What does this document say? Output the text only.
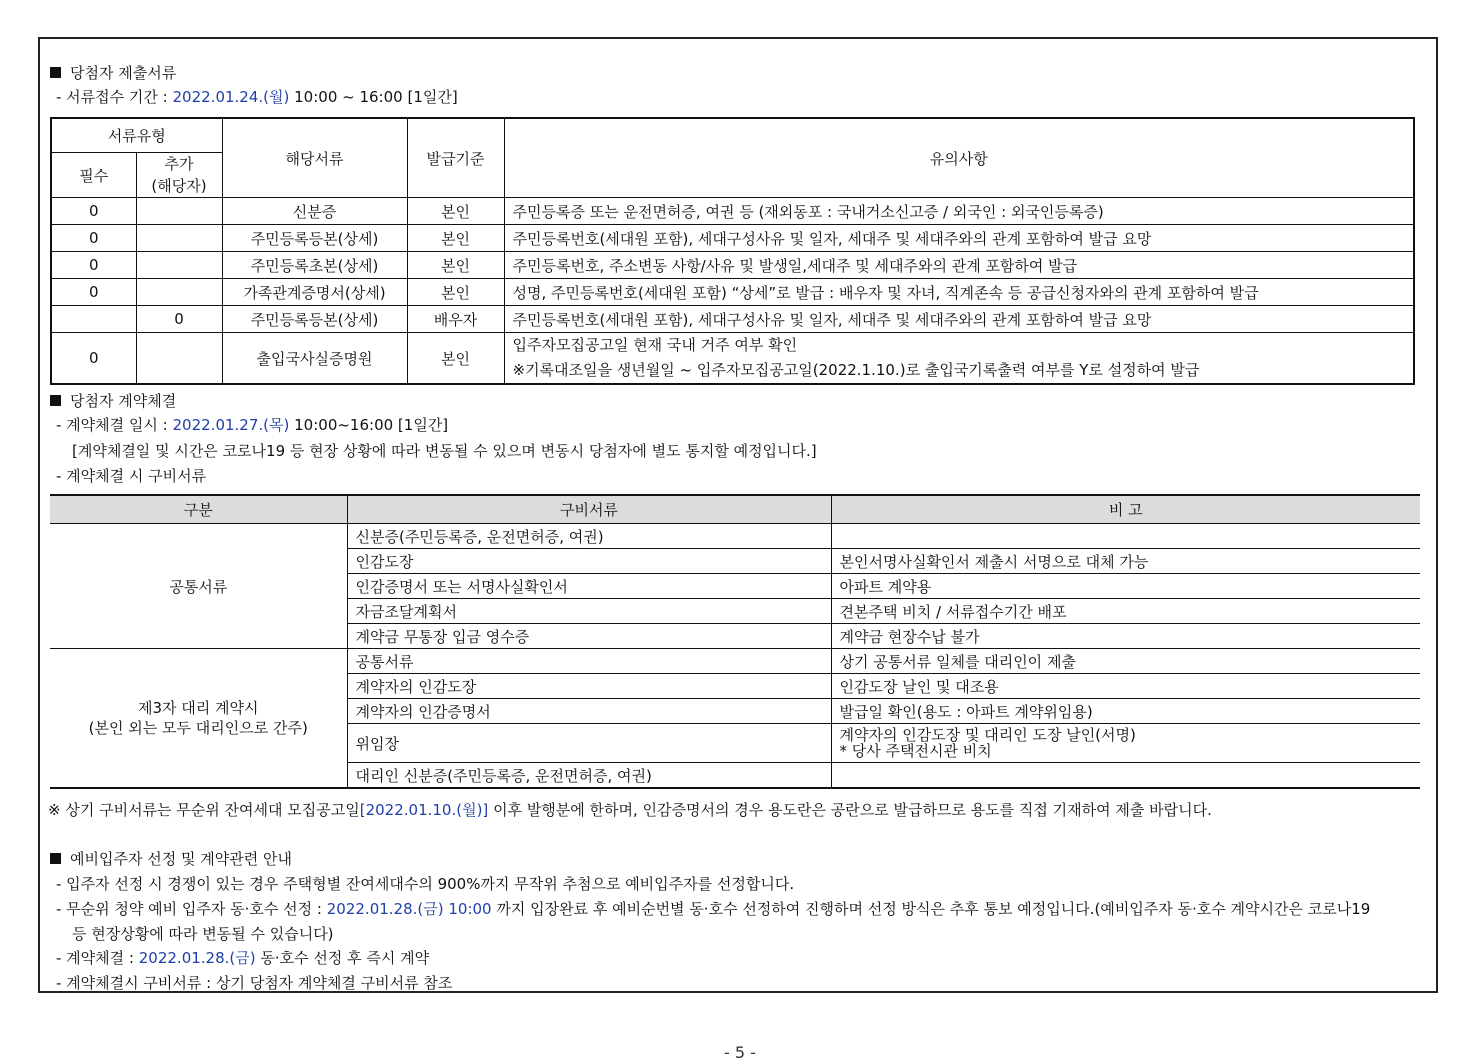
당첨자 제출서류
- 서류접수 기간 : 2022.01.24.(월) 10:00 ~ 16:00 [1일간]
서류유형		해당서류	발급기준	유의사항
필수	추가
(해당자)			
0		신분증	본인	주민등록증 또는 운전면허증, 여권 등 (재외동포 : 국내거소신고증 / 외국인 : 외국인등록증)
0		주민등록등본(상세)	본인	주민등록번호(세대원 포함), 세대구성사유 및 일자, 세대주 및 세대주와의 관계 포함하여 발급 요망
0		주민등록초본(상세)	본인	주민등록번호, 주소변동 사항/사유 및 발생일,세대주 및 세대주와의 관계 포함하여 발급
0		가족관계증명서(상세)	본인	성명, 주민등록번호(세대원 포함) “상세”로 발급 : 배우자 및 자녀, 직계존속 등 공급신청자와의 관계 포함하여 발급
	0	주민등록등본(상세)	배우자	주민등록번호(세대원 포함), 세대구성사유 및 일자, 세대주 및 세대주와의 관계 포함하여 발급 요망
0		출입국사실증명원	본인	입주자모집공고일 현재 국내 거주 여부 확인
※기록대조일을 생년월일 ~ 입주자모집공고일(2022.1.10.)로 출입국기록출력 여부를 Y로 설정하여 발급
당첨자 계약체결
- 계약체결 일시 : 2022.01.27.(목) 10:00~16:00 [1일간]
[계약체결일 및 시간은 코로나19 등 현장 상황에 따라 변동될 수 있으며 변동시 당첨자에 별도 통지할 예정입니다.]
- 계약체결 시 구비서류
구분	구비서류	비 고
공통서류	신분증(주민등록증, 운전면허증, 여권)	
	인감도장	본인서명사실확인서 제출시 서명으로 대체 가능
	인감증명서 또는 서명사실확인서	아파트 계약용
	자금조달계획서	견본주택 비치 / 서류접수기간 배포
	계약금 무통장 입금 영수증	계약금 현장수납 불가
제3자 대리 계약시
(본인 외는 모두 대리인으로 간주)	공통서류	상기 공통서류 일체를 대리인이 제출
	계약자의 인감도장	인감도장 날인 및 대조용
	계약자의 인감증명서	발급일 확인(용도 : 아파트 계약위임용)
	위임장	계약자의 인감도장 및 대리인 도장 날인(서명)
* 당사 주택전시관 비치
	대리인 신분증(주민등록증, 운전면허증, 여권)	
※ 상기 구비서류는 무순위 잔여세대 모집공고일[2022.01.10.(월)] 이후 발행분에 한하며, 인감증명서의 경우 용도란은 공란으로 발급하므로 용도를 직접 기재하여 제출 바랍니다.
예비입주자 선정 및 계약관련 안내
- 입주자 선정 시 경쟁이 있는 경우 주택형별 잔여세대수의 900%까지 무작위 추첨으로 예비입주자를 선정합니다.
- 무순위 청약 예비 입주자 동·호수 선정 : 2022.01.28.(금) 10:00 까지 입장완료 후 예비순번별 동·호수 선정하여 진행하며 선정 방식은 추후 통보 예정입니다.(예비입주자 동·호수 계약시간은 코로나19
등 현장상황에 따라 변동될 수 있습니다)
- 계약체결 : 2022.01.28.(금) 동·호수 선정 후 즉시 계약
- 계약체결시 구비서류 : 상기 당첨자 계약체결 구비서류 참조
- 5 -
